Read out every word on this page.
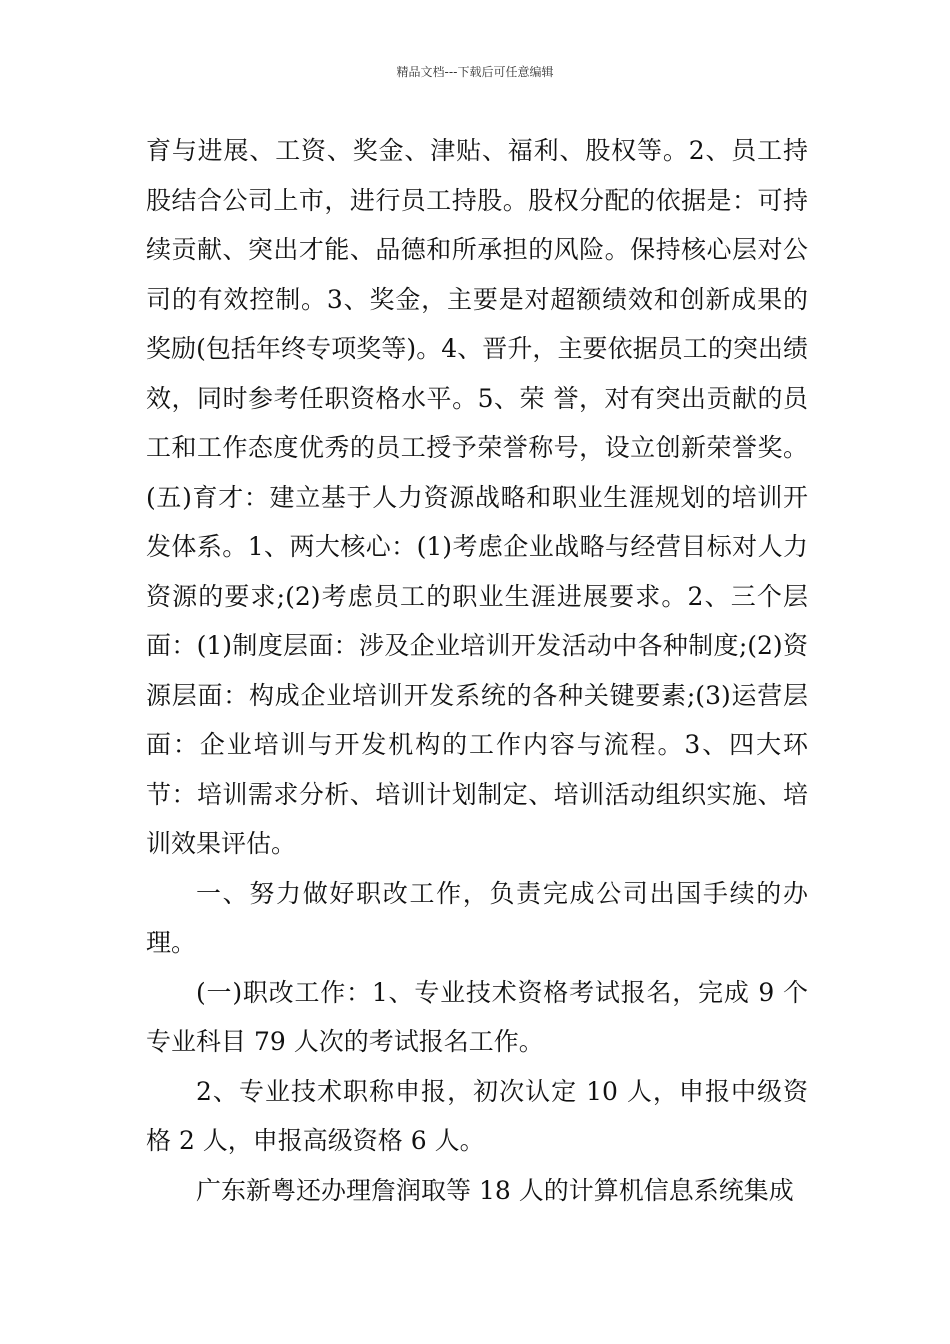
精品文档---下载后可任意编辑

育与进展、工资、奖金、津贴、福利、股权等。2、员工持股结合公司上市，进行员工持股。股权分配的依据是：可持续贡献、突出才能、品德和所承担的风险。保持核心层对公司的有效控制。3、奖金，主要是对超额绩效和创新成果的奖励(包括年终专项奖等)。4、晋升，主要依据员工的突出绩效，同时参考任职资格水平。5、荣 誉，对有突出贡献的员工和工作态度优秀的员工授予荣誉称号，设立创新荣誉奖。(五)育才：建立基于人力资源战略和职业生涯规划的培训开发体系。1、两大核心：(1)考虑企业战略与经营目标对人力资源的要求;(2)考虑员工的职业生涯进展要求。2、三个层面：(1)制度层面：涉及企业培训开发活动中各种制度;(2)资源层面：构成企业培训开发系统的各种关键要素;(3)运营层面：企业培训与开发机构的工作内容与流程。3、四大环节：培训需求分析、培训计划制定、培训活动组织实施、培训效果评估。

一、努力做好职改工作，负责完成公司出国手续的办理。

(一)职改工作：1、专业技术资格考试报名，完成 9 个专业科目 79 人次的考试报名工作。

2、专业技术职称申报，初次认定 10 人，申报中级资格 2 人，申报高级资格 6 人。

广东新粤还办理詹润取等 18 人的计算机信息系统集成
